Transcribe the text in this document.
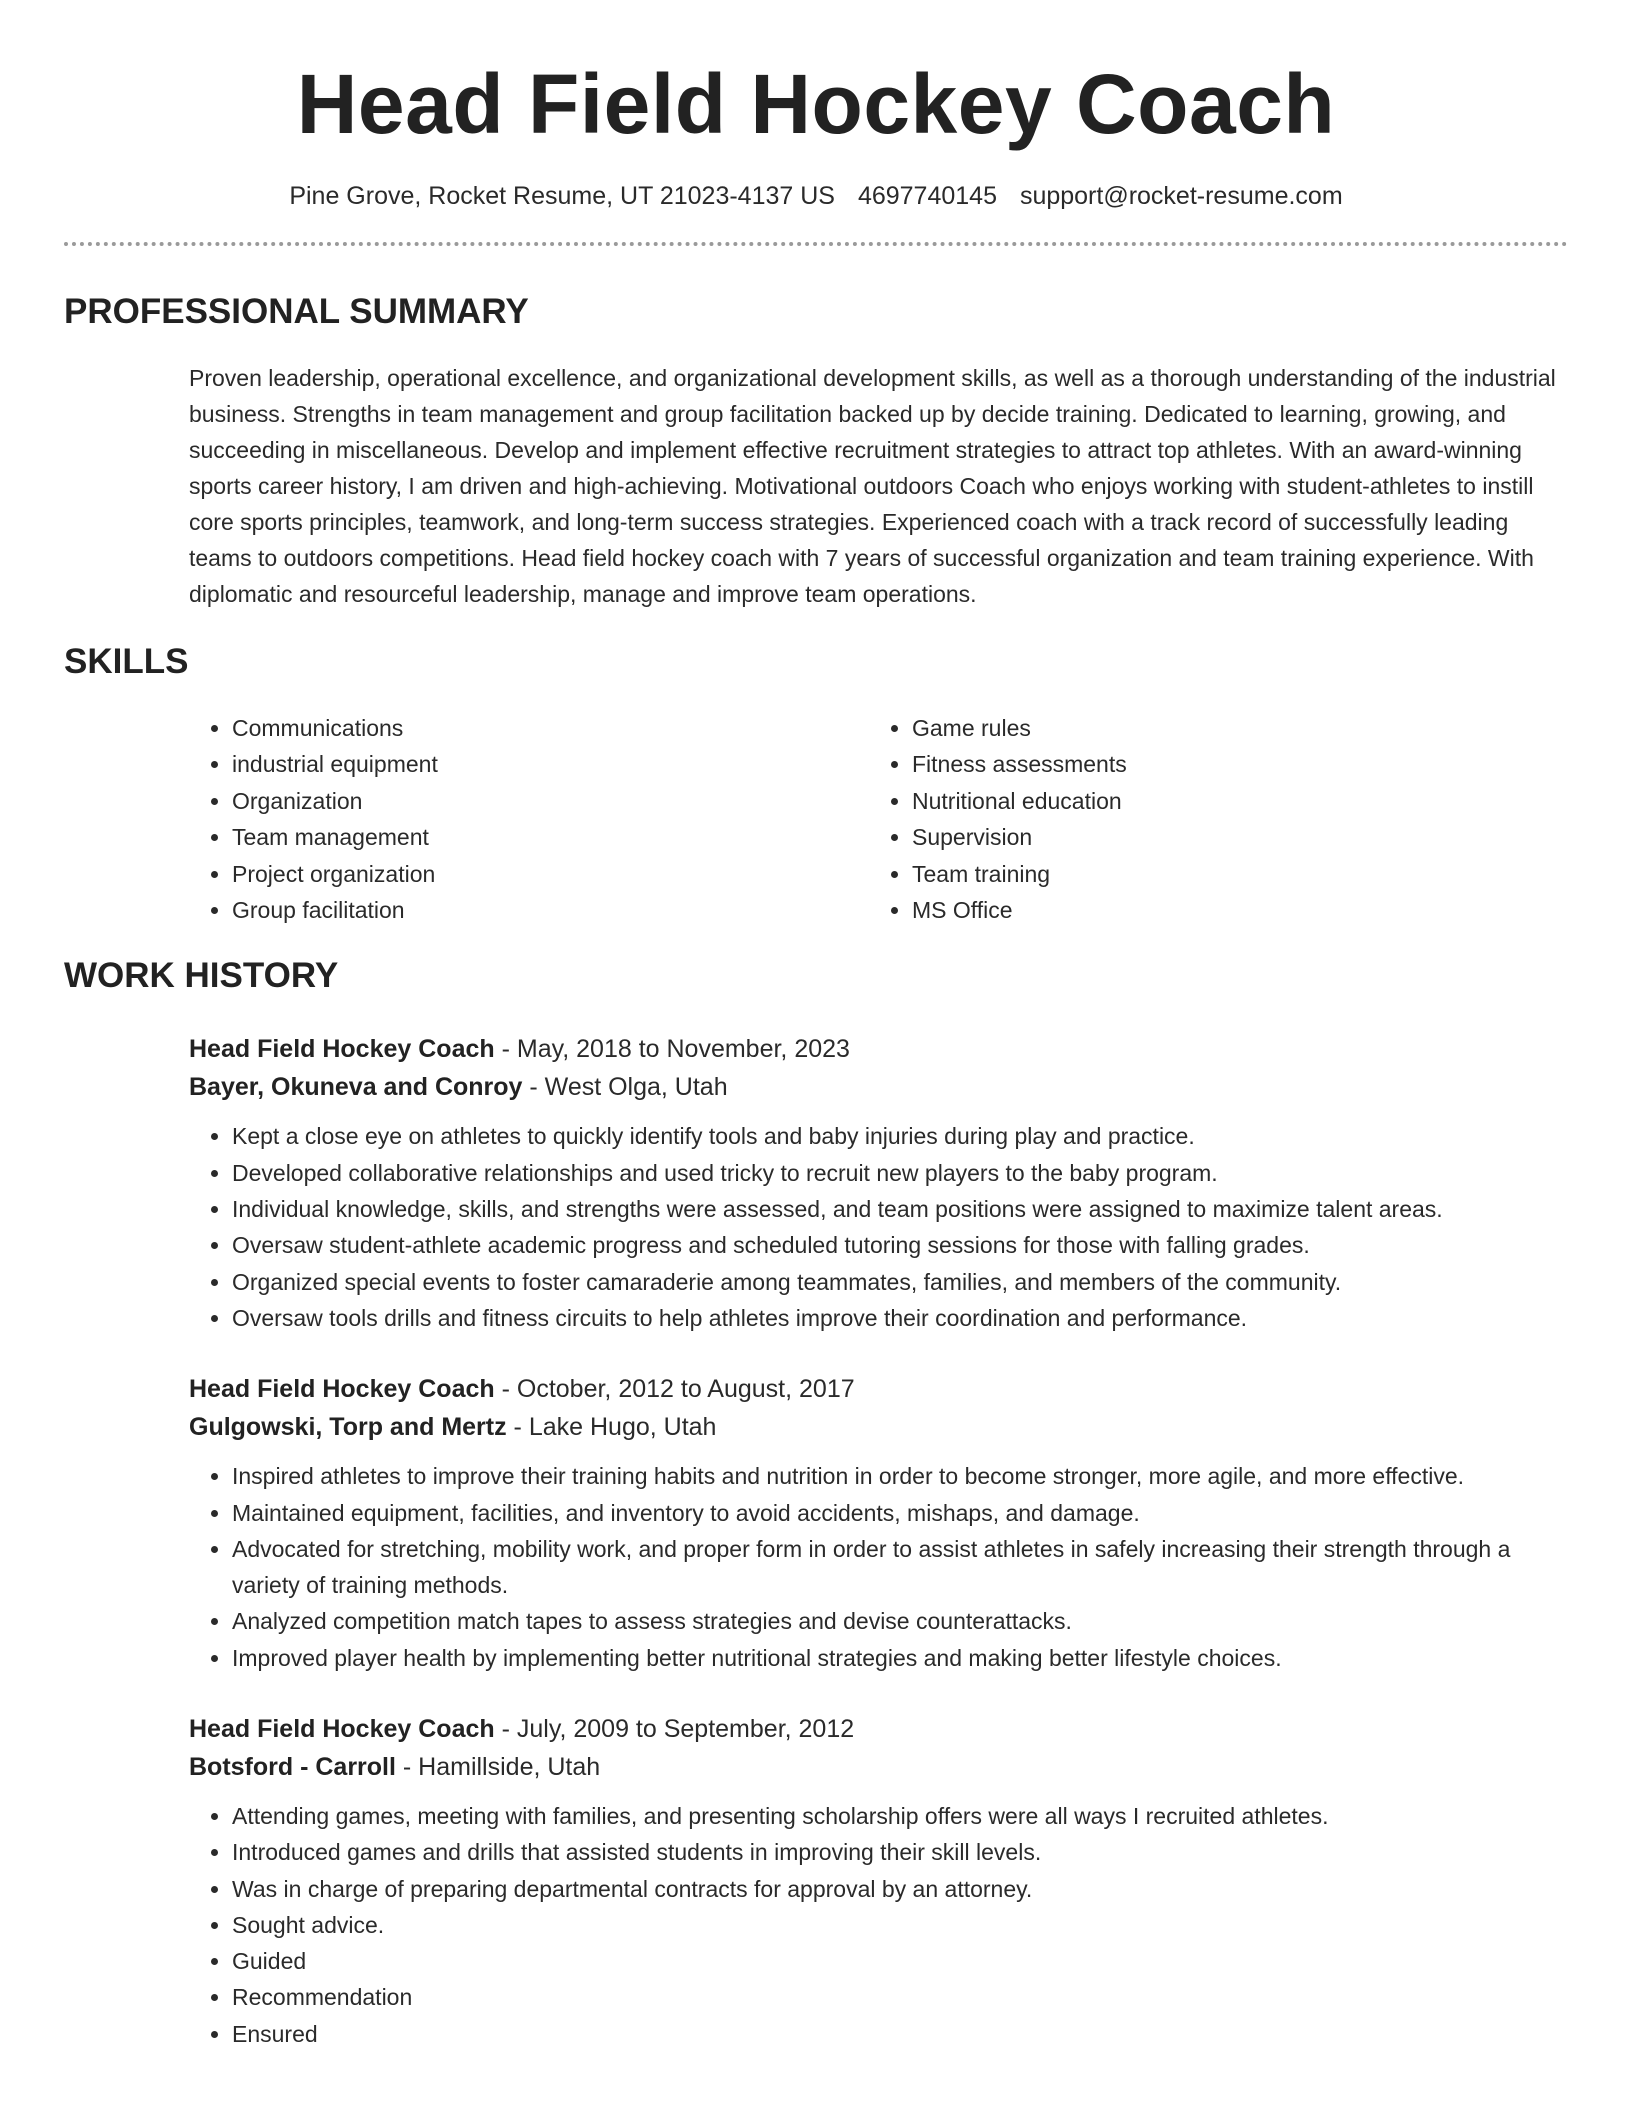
Head Field Hockey Coach
Pine Grove, Rocket Resume, UT 21023-4137 US 4697740145 support@rocket-resume.com
PROFESSIONAL SUMMARY
Proven leadership, operational excellence, and organizational development skills, as well as a thorough understanding of the industrial business. Strengths in team management and group facilitation backed up by decide training. Dedicated to learning, growing, and succeeding in miscellaneous. Develop and implement effective recruitment strategies to attract top athletes. With an award-winning sports career history, I am driven and high-achieving. Motivational outdoors Coach who enjoys working with student-athletes to instill core sports principles, teamwork, and long-term success strategies. Experienced coach with a track record of successfully leading teams to outdoors competitions. Head field hockey coach with 7 years of successful organization and team training experience. With diplomatic and resourceful leadership, manage and improve team operations.
SKILLS
• Communications
• industrial equipment
• Organization
• Team management
• Project organization
• Group facilitation
• Game rules
• Fitness assessments
• Nutritional education
• Supervision
• Team training
• MS Office
WORK HISTORY
Head Field Hockey Coach - May, 2018 to November, 2023
Bayer, Okuneva and Conroy - West Olga, Utah
• Kept a close eye on athletes to quickly identify tools and baby injuries during play and practice.
• Developed collaborative relationships and used tricky to recruit new players to the baby program.
• Individual knowledge, skills, and strengths were assessed, and team positions were assigned to maximize talent areas.
• Oversaw student-athlete academic progress and scheduled tutoring sessions for those with falling grades.
• Organized special events to foster camaraderie among teammates, families, and members of the community.
• Oversaw tools drills and fitness circuits to help athletes improve their coordination and performance.
Head Field Hockey Coach - October, 2012 to August, 2017
Gulgowski, Torp and Mertz - Lake Hugo, Utah
• Inspired athletes to improve their training habits and nutrition in order to become stronger, more agile, and more effective.
• Maintained equipment, facilities, and inventory to avoid accidents, mishaps, and damage.
• Advocated for stretching, mobility work, and proper form in order to assist athletes in safely increasing their strength through a variety of training methods.
• Analyzed competition match tapes to assess strategies and devise counterattacks.
• Improved player health by implementing better nutritional strategies and making better lifestyle choices.
Head Field Hockey Coach - July, 2009 to September, 2012
Botsford - Carroll - Hamillside, Utah
• Attending games, meeting with families, and presenting scholarship offers were all ways I recruited athletes.
• Introduced games and drills that assisted students in improving their skill levels.
• Was in charge of preparing departmental contracts for approval by an attorney.
• Sought advice.
• Guided
• Recommendation
• Ensured
